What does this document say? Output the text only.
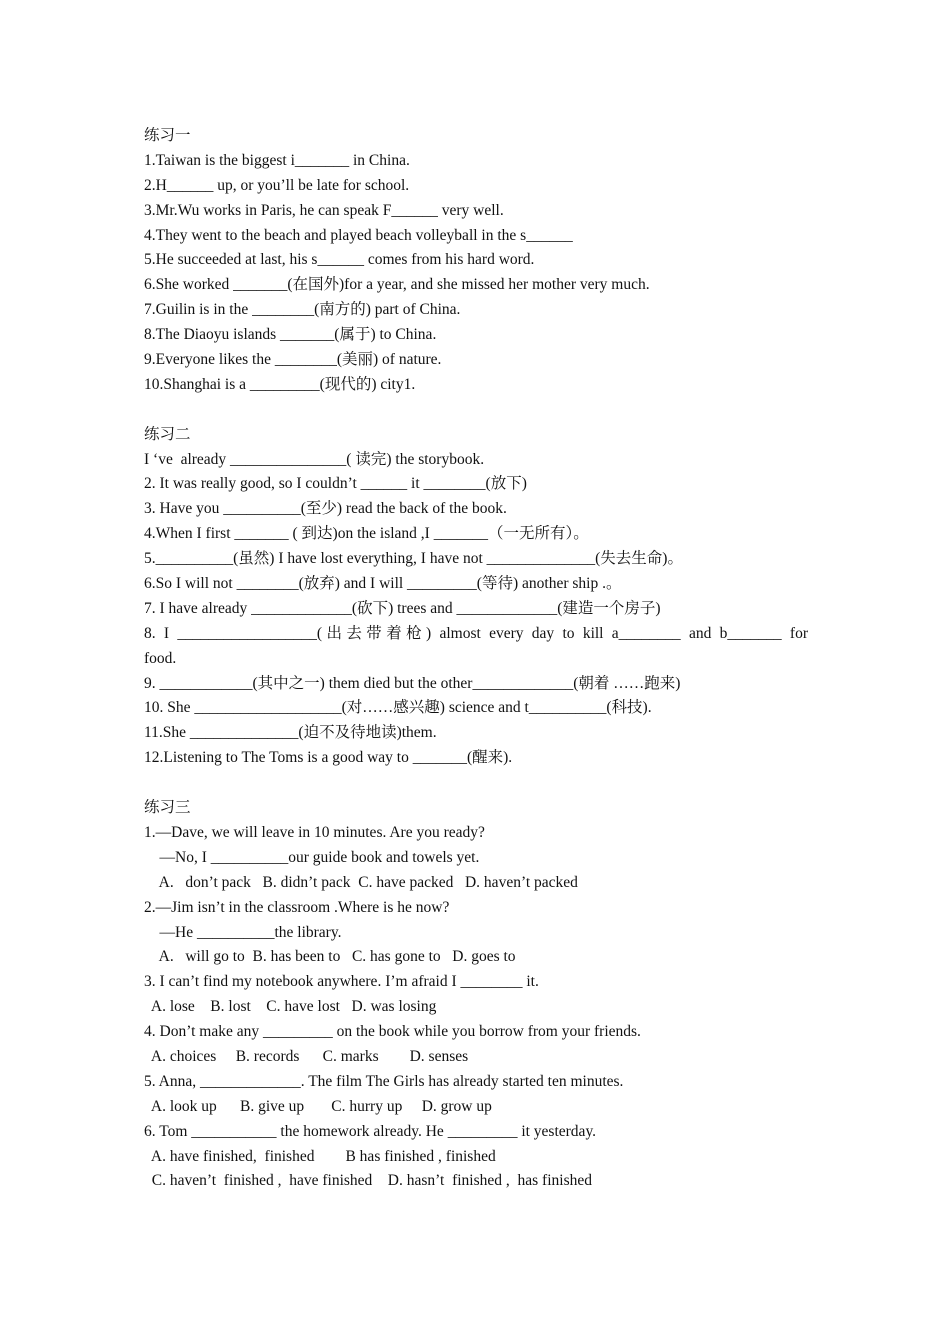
练习一
1.Taiwan is the biggest i_______ in China.
2.H______ up, or you’ll be late for school.
3.Mr.Wu works in Paris, he can speak F______ very well.
4.They went to the beach and played beach volleyball in the s______
5.He succeeded at last, his s______ comes from his hard word.
6.She worked _______(在国外)for a year, and she missed her mother very much.
7.Guilin is in the ________(南方的) part of China.
8.The Diaoyu islands _______(属于) to China.
9.Everyone likes the ________(美丽) of nature.
10.Shanghai is a _________(现代的) city1.
练习二
I ‘ve  already _______________( 读完) the storybook.
2. It was really good, so I couldn’t ______ it ________(放下)
3. Have you __________(至少) read the back of the book.
4.When I first _______ ( 到达)on the island ,I _______（一无所有）。
5.__________(虽然) I have lost everything, I have not ______________(失去生命)。
6.So I will not ________(放弃) and I will _________(等待) another ship .。
7. I have already _____________(砍下) trees and _____________(建造一个房子)
8. I __________________(出去带着枪) almost every day to kill a________ and b_______ for
food.
9. ____________(其中之一) them died but the other_____________(朝着 ……跑来)
10. She ___________________(对……感兴趣) science and t__________(科技).
11.She ______________(迫不及待地读)them.
12.Listening to The Toms is a good way to _______(醒来).
练习三
1.—Dave, we will leave in 10 minutes. Are you ready?
—No, I __________our guide book and towels yet.
A.   don’t pack   B. didn’t pack  C. have packed   D. haven’t packed
2.—Jim isn’t in the classroom .Where is he now?
—He __________the library.
A.   will go to  B. has been to   C. has gone to   D. goes to
3. I can’t find my notebook anywhere. I’m afraid I ________ it.
A. lose    B. lost    C. have lost   D. was losing
4. Don’t make any _________ on the book while you borrow from your friends.
A. choices     B. records      C. marks        D. senses
5. Anna, _____________. The film The Girls has already started ten minutes.
A. look up      B. give up       C. hurry up     D. grow up
6. Tom ___________ the homework already. He _________ it yesterday.
A. have finished,  finished        B has finished , finished
C. haven’t  finished ,  have finished    D. hasn’t  finished ,  has finished
